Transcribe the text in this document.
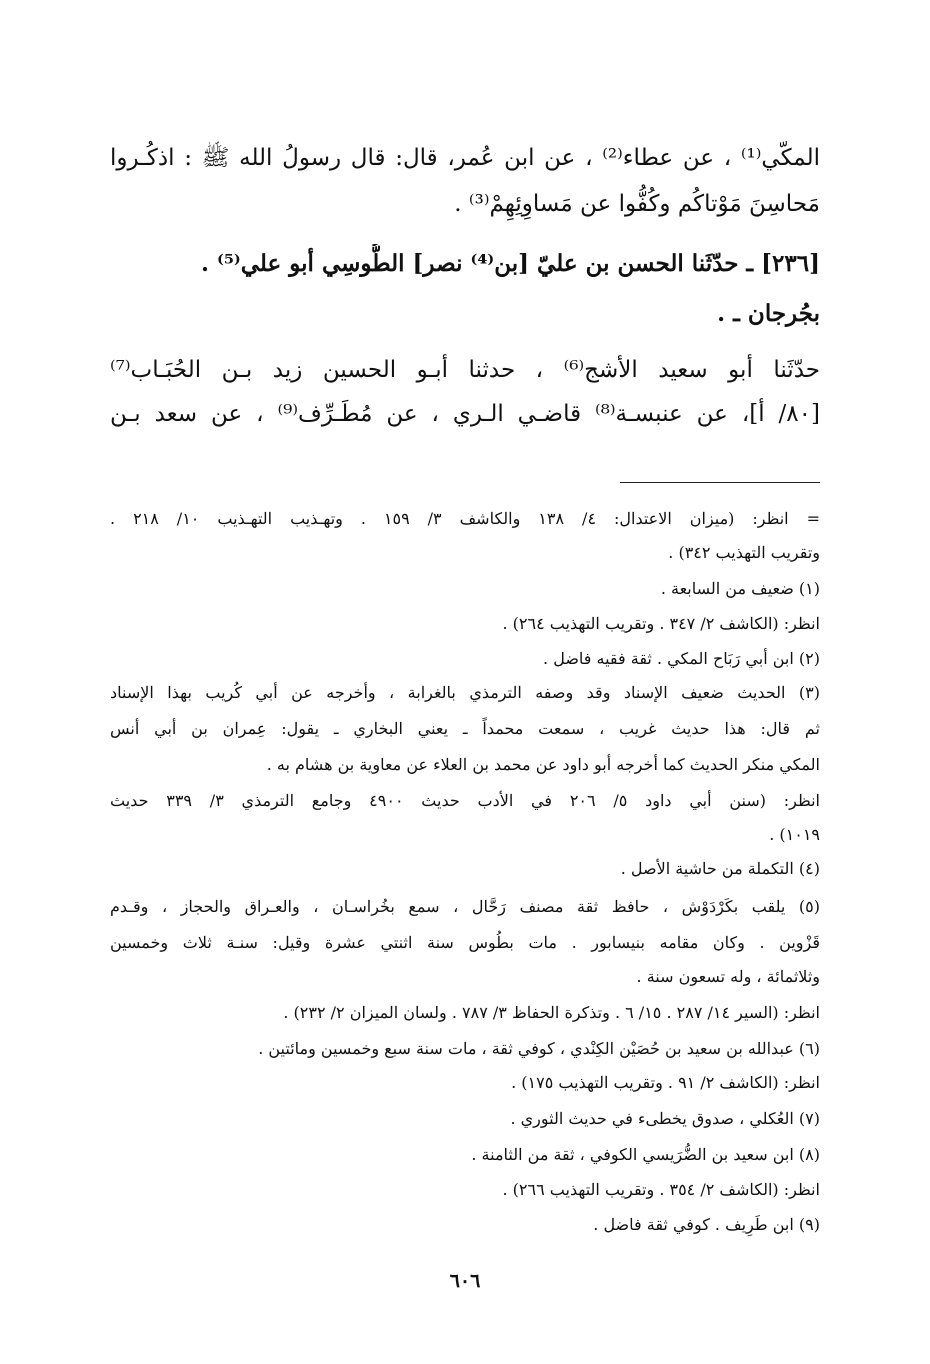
المكّي⁽¹⁾ ، عن عطاء⁽²⁾ ، عن ابن عُمر، قال: قال رسولُ الله ﷺ : اذكُـروا
مَحاسِنَ مَوْتاكُم وكُفُّوا عن مَساوِئِهِمْ⁽³⁾ .
[٢٣٦] ـ حدّثَنا الحسن بن عليّ [بن⁽⁴⁾ نصر] الطُّوسِي أبو علي⁽⁵⁾ .
بجُرجان ـ .
حدّثَنا أبو سعيد الأشج⁽⁶⁾ ، حدثنا أبـو الحسين زيد بـن الحُبَـاب⁽⁷⁾
[٨٠/ أ]، عن عنبسـة⁽⁸⁾ قاضـي الـري ، عن مُطَـرِّف⁽⁹⁾ ، عن سعد بـن
= انظر: (ميزان الاعتدال: ٤/ ١٣٨ والكاشف ٣/ ١٥٩ . وتهـذيب التهـذيب ١٠/ ٢١٨ .
وتقريب التهذيب ٣٤٢) .
(١) ضعيف من السابعة .
انظر: (الكاشف ٢/ ٣٤٧ . وتقريب التهذيب ٢٦٤) .
(٢) ابن أبي رَبَاح المكي . ثقة فقيه فاضل .
(٣) الحديث ضعيف الإسناد وقد وصفه الترمذي بالغرابة ، وأخرجه عن أبي كُريب بهذا الإسناد
ثم قال: هذا حديث غريب ، سمعت محمداً ـ يعني البخاري ـ يقول: عِمران بن أبي أنس
المكي منكر الحديث كما أخرجه أبو داود عن محمد بن العلاء عن معاوية بن هشام به .
انظر: (سنن أبي داود ٥/ ٢٠٦ في الأدب حديث ٤٩٠٠ وجامع الترمذي ٣/ ٣٣٩ حديث
١٠١٩) .
(٤) التكملة من حاشية الأصل .
(٥) يلقب بكَرْدَوْش ، حافظ ثقة مصنف رَحَّال ، سمع بخُراسـان ، والعـراق والحجاز ، وقـدم
قَزْوين . وكان مقامه بنيسابور . مات بطُوس سنة اثنتي عشرة وقيل: سنـة ثلاث وخمسين
وثلاثمائة ، وله تسعون سنة .
انظر: (السير ١٤/ ٢٨٧ . ١٥/ ٦ . وتذكرة الحفاظ ٣/ ٧٨٧ . ولسان الميزان ٢/ ٢٣٢) .
(٦) عبدالله بن سعيد بن حُصَيْن الكِنْدي ، كوفي ثقة ، مات سنة سبع وخمسين ومائتين .
انظر: (الكاشف ٢/ ٩١ . وتقريب التهذيب ١٧٥) .
(٧) العُكلي ، صدوق يخطىء في حديث الثوري .
(٨) ابن سعيد بن الضُّرَيسي الكوفي ، ثقة من الثامنة .
انظر: (الكاشف ٢/ ٣٥٤ . وتقريب التهذيب ٢٦٦) .
(٩) ابن طَرِيف . كوفي ثقة فاضل .
٦٠٦
